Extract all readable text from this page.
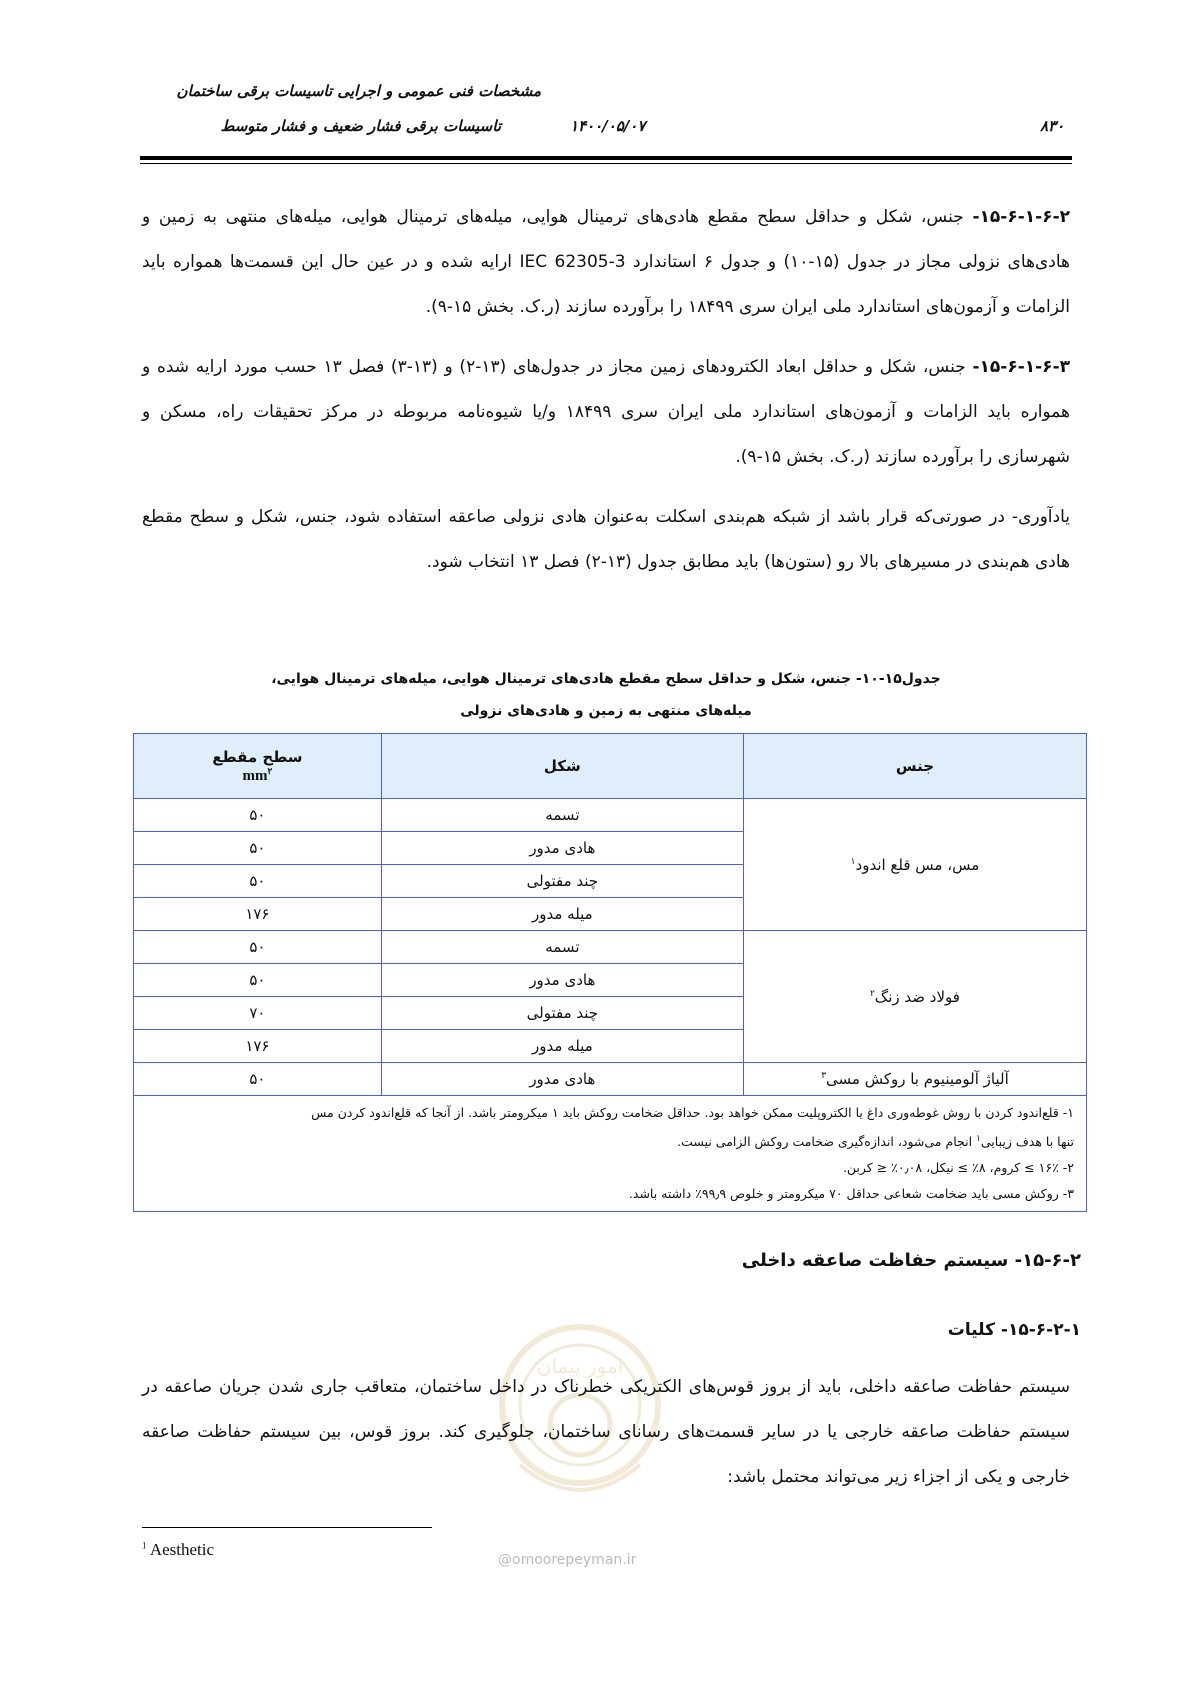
مشخصات فنی عمومی و اجرایی تاسیسات برقی ساختمان
تاسیسات برقی فشار ضعیف و فشار متوسط	۱۴۰۰/۰۵/۰۷	۸۳۰
۱۵-۶-۱-۶-۲- جنس، شکل و حداقل سطح مقطع هادی‌های ترمینال هوایی، میله‌های ترمینال هوایی، میله‌های منتهی به زمین و هادی‌های نزولی مجاز در جدول (۱۵-۱۰) و جدول ۶ استاندارد IEC 62305-3 ارایه شده و در عین حال این قسمت‌ها همواره باید الزامات و آزمون‌های استاندارد ملی ایران سری ۱۸۴۹۹ را برآورده سازند (ر.ک. بخش ۱۵-۹).
۱۵-۶-۱-۶-۳- جنس، شکل و حداقل ابعاد الکترودهای زمین مجاز در جدول‌های (۱۳-۲) و (۱۳-۳) فصل ۱۳ حسب مورد ارایه شده و همواره باید الزامات و آزمون‌های استاندارد ملی ایران سری ۱۸۴۹۹ و/یا شیوه‌نامه مربوطه در مرکز تحقیقات راه، مسکن و شهرسازی را برآورده سازند (ر.ک. بخش ۱۵-۹).
یادآوری- در صورتی‌که قرار باشد از شبکه هم‌بندی اسکلت به‌عنوان هادی نزولی صاعقه استفاده شود، جنس، شکل و سطح مقطع هادی هم‌بندی در مسیرهای بالا رو (ستون‌ها) باید مطابق جدول (۱۳-۲) فصل ۱۳ انتخاب شود.
جدول۱۵-۱۰- جنس، شکل و حداقل سطح مقطع هادی‌های ترمینال هوایی، میله‌های ترمینال هوایی،
میله‌های منتهی به زمین و هادی‌های نزولی
جنس	شکل	سطح مقطع
$mm^۲$

مس، مس قلع اندود$^۱$	تسمه	۵۰
	هادی مدور	۵۰
	چند مفتولی	۵۰
	میله مدور	۱۷۶
فولاد ضد زنگ$^۲$	تسمه	۵۰
	هادی مدور	۵۰
	چند مفتولی	۷۰
	میله مدور	۱۷۶
آلیاژ آلومینیوم با روکش مسی$^۳$	هادی مدور	۵۰

۱- قلع‌اندود کردن با روش غوطه‌وری داغ یا الکتروپلیت ممکن خواهد بود. حداقل ضخامت روکش باید ۱ میکرومتر باشد. از آنجا که قلع‌اندود کردن مس
تنها با هدف زیبایی$^۱$ انجام می‌شود، اندازه‌گیری ضخامت روکش الزامی نیست.
۲- ۱۶٪ ≥ کروم، ۸٪ ≥ نیکل، ۰٫۰۸٪ ≤ کربن.
۳- روکش مسی باید ضخامت شعاعی حداقل ۷۰ میکرومتر و خلوص ۹۹٫۹٪ داشته باشد.		
۱۵-۶-۲- سیستم حفاظت صاعقه داخلی
۱۵-۶-۲-۱- کلیات
امور پیمان
سیستم حفاظت صاعقه داخلی، باید از بروز قوس‌های الکتریکی خطرناک در داخل ساختمان، متعاقب جاری شدن جریان صاعقه در سیستم حفاظت صاعقه خارجی یا در سایر قسمت‌های رسانای ساختمان، جلوگیری کند. بروز قوس، بین سیستم حفاظت صاعقه خارجی و یکی از اجزاء زیر می‌تواند محتمل باشد:
@omoorepeyman.ir
$^1$ Aesthetic
